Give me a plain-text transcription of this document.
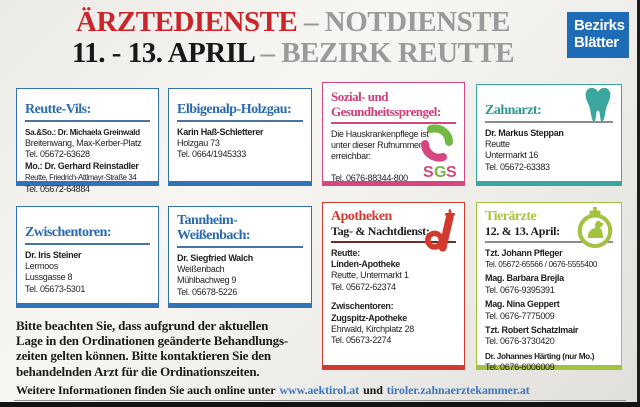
ÄRZTEDIENSTE – NOTDIENSTE
11. - 13. APRIL – BEZIRK REUTTE
Bezirks
Blätter
Reutte-Vils:
Sa.&So.: Dr. Michaela Greinwald
Breitenwang, Max-Kerber-Platz
Tel. 05672-63628
Mo.: Dr. Gerhard Reinstadler
Reutte, Friedrich-Attlmayr-Straße 34
Tel. 05672-64884
Elbigenalp-Holzgau:
Karin Haß-Schletterer
Holzgau 73
Tel. 0664/1945333
Sozial- und
Gesundheitssprengel:
Die Hauskrankenpflege ist
unter dieser Rufnummer
erreichbar:
Tel. 0676-88344-800 S G S
Zahnarzt:
Dr. Markus Steppan
Reutte
Untermarkt 16
Tel. 05672-63383
Zwischentoren:
Dr. Iris Steiner
Lermoos
Lussgasse 8
Tel. 05673-5301
Tannheim-
Weißenbach:
Dr. Siegfried Walch
Weißenbach
Mühlbachweg 9
Tel. 05678-5226
Apotheken
Tag- & Nachtdienst:
Reutte:
Linden-Apotheke
Reutte, Untermarkt 1
Tel. 05672-62374
Zwischentoren:
Zugspitz-Apotheke
Ehrwald, Kirchplatz 28
Tel. 05673-2274
Tierärzte
12. & 13. April:
Tzt. Johann Pfleger
Tel. 05672-65566 / 0676-5555400
Mag. Barbara Brejla
Tel. 0676-9395391
Mag. Nina Geppert
Tel. 0676-7775009
Tzt. Robert Schatzlmair
Tel. 0676-3730420
Dr. Johannes Härting (nur Mo.)
Tel. 0676-6006009
Bitte beachten Sie, dass aufgrund der aktuellen
Lage in den Ordinationen geänderte Behandlungs-
zeiten gelten können. Bitte kontaktieren Sie den
behandelnden Arzt für die Ordinationszeiten.
Weitere Informationen finden Sie auch online unter www.aektirol.at und tiroler.zahnaerztekammer.at
